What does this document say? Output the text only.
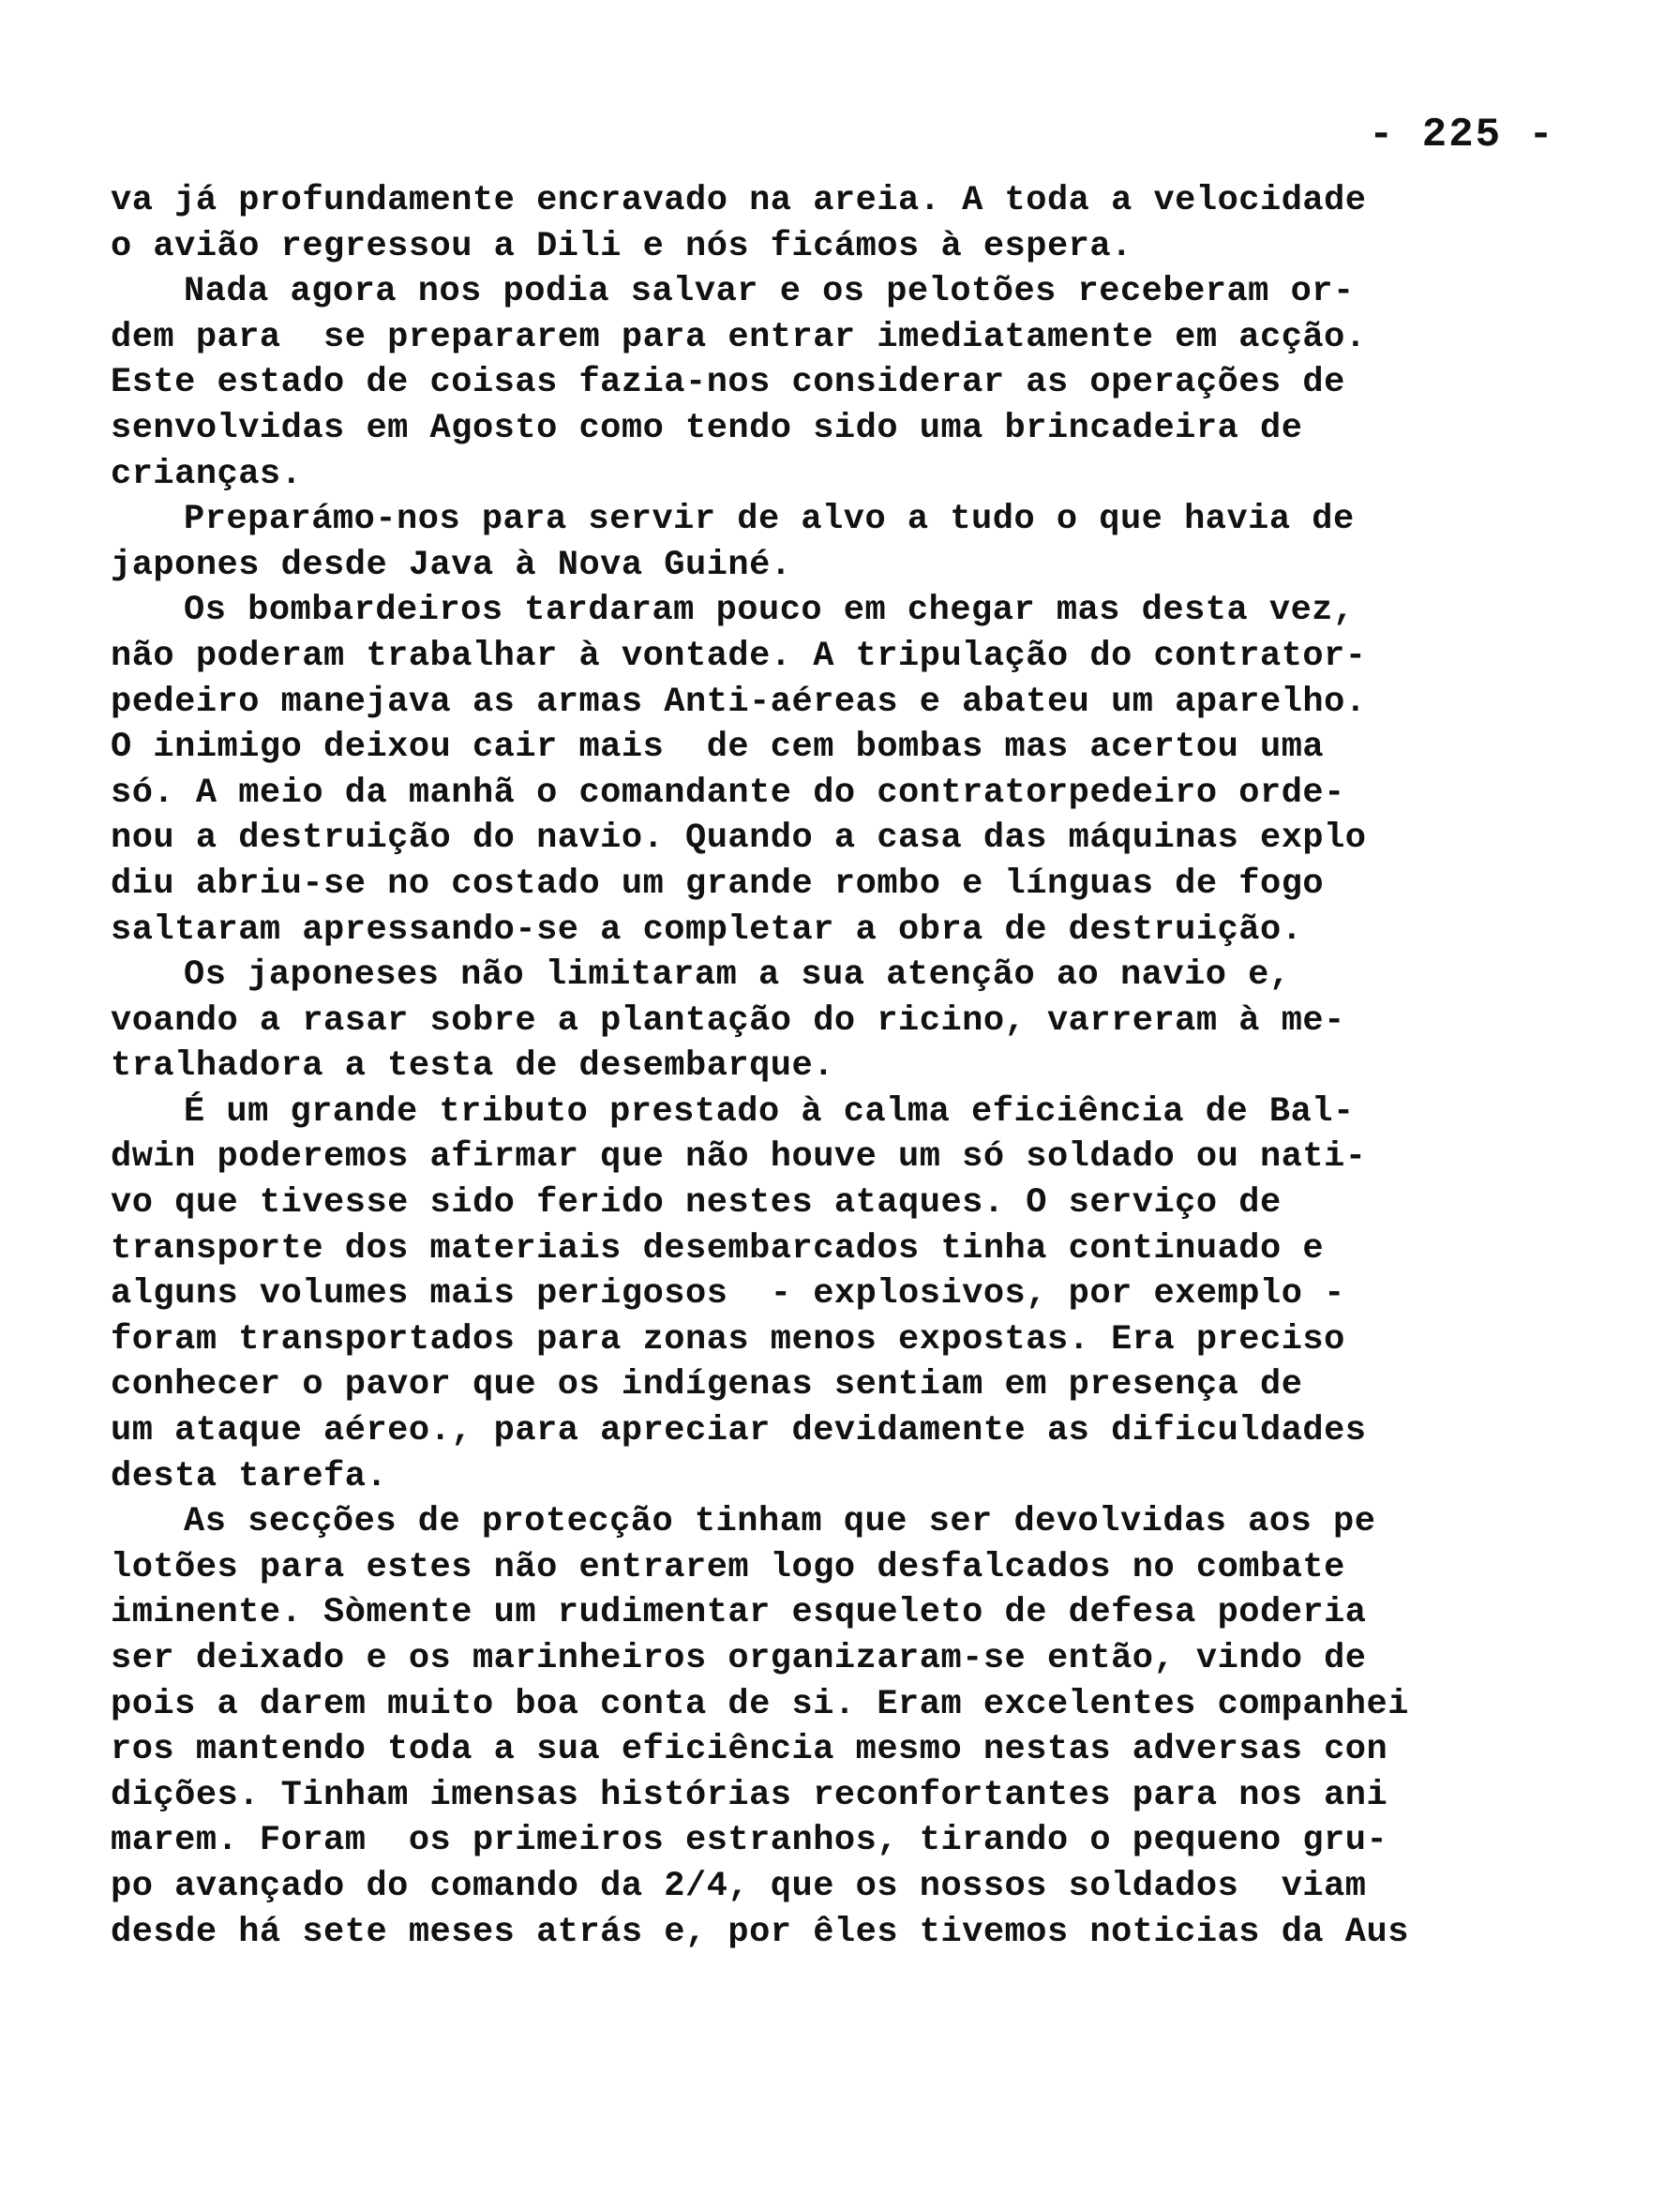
- 225 -
va já profundamente encravado na areia. A toda a velocidade
o avião regressou a Dili e nós ficámos à espera.
Nada agora nos podia salvar e os pelotões receberam or-
dem para  se prepararem para entrar imediatamente em acção.
Este estado de coisas fazia-nos considerar as operações de
senvolvidas em Agosto como tendo sido uma brincadeira de
crianças.
Preparámo-nos para servir de alvo a tudo o que havia de
japones desde Java à Nova Guiné.
Os bombardeiros tardaram pouco em chegar mas desta vez,
não poderam trabalhar à vontade. A tripulação do contrator-
pedeiro manejava as armas Anti-aéreas e abateu um aparelho.
O inimigo deixou cair mais  de cem bombas mas acertou uma
só. A meio da manhã o comandante do contratorpedeiro orde-
nou a destruição do navio. Quando a casa das máquinas explo
diu abriu-se no costado um grande rombo e línguas de fogo
saltaram apressando-se a completar a obra de destruição.
Os japoneses não limitaram a sua atenção ao navio e,
voando a rasar sobre a plantação do ricino, varreram à me-
tralhadora a testa de desembarque.
É um grande tributo prestado à calma eficiência de Bal-
dwin poderemos afirmar que não houve um só soldado ou nati-
vo que tivesse sido ferido nestes ataques. O serviço de
transporte dos materiais desembarcados tinha continuado e
alguns volumes mais perigosos  - explosivos, por exemplo -
foram transportados para zonas menos expostas. Era preciso
conhecer o pavor que os indígenas sentiam em presença de
um ataque aéreo., para apreciar devidamente as dificuldades
desta tarefa.
As secções de protecção tinham que ser devolvidas aos pe
lotões para estes não entrarem logo desfalcados no combate
iminente. Sòmente um rudimentar esqueleto de defesa poderia
ser deixado e os marinheiros organizaram-se então, vindo de
pois a darem muito boa conta de si. Eram excelentes companhei
ros mantendo toda a sua eficiência mesmo nestas adversas con
dições. Tinham imensas histórias reconfortantes para nos ani
marem. Foram  os primeiros estranhos, tirando o pequeno gru-
po avançado do comando da 2/4, que os nossos soldados  viam
desde há sete meses atrás e, por êles tivemos noticias da Aus
